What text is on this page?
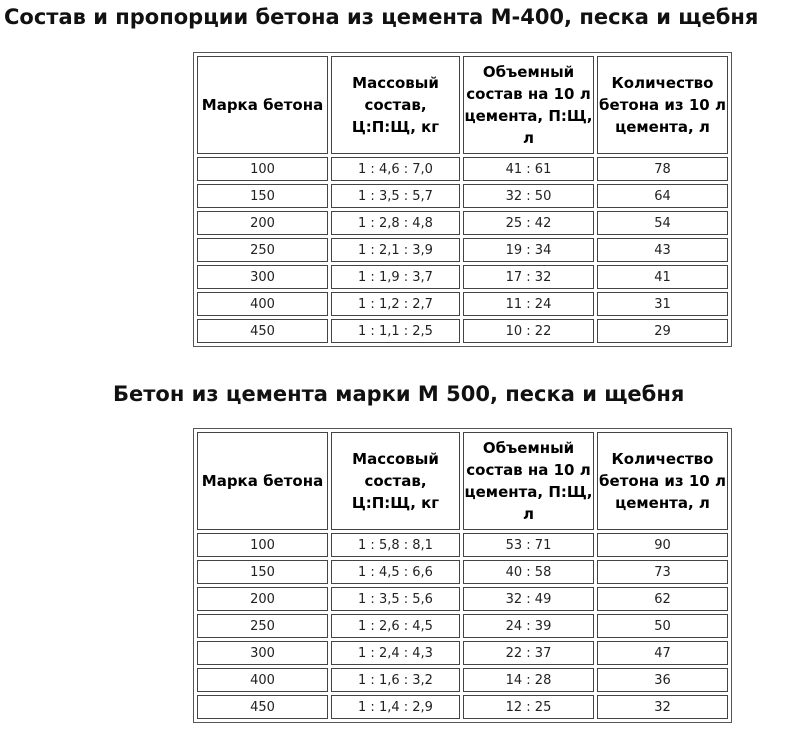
Состав и пропорции бетона из цемента М-400, песка и щебня
Марка бетона	Массовый состав, Ц:П:Щ, кг	Объемный состав на 10 л цемента, П:Щ, л	Количество бетона из 10 л цемента, л
100	1 : 4,6 : 7,0	41 : 61	78
150	1 : 3,5 : 5,7	32 : 50	64
200	1 : 2,8 : 4,8	25 : 42	54
250	1 : 2,1 : 3,9	19 : 34	43
300	1 : 1,9 : 3,7	17 : 32	41
400	1 : 1,2 : 2,7	11 : 24	31
450	1 : 1,1 : 2,5	10 : 22	29
Бетон из цемента марки М 500, песка и щебня
Марка бетона	Массовый состав, Ц:П:Щ, кг	Объемный состав на 10 л цемента, П:Щ, л	Количество бетона из 10 л цемента, л
100	1 : 5,8 : 8,1	53 : 71	90
150	1 : 4,5 : 6,6	40 : 58	73
200	1 : 3,5 : 5,6	32 : 49	62
250	1 : 2,6 : 4,5	24 : 39	50
300	1 : 2,4 : 4,3	22 : 37	47
400	1 : 1,6 : 3,2	14 : 28	36
450	1 : 1,4 : 2,9	12 : 25	32
